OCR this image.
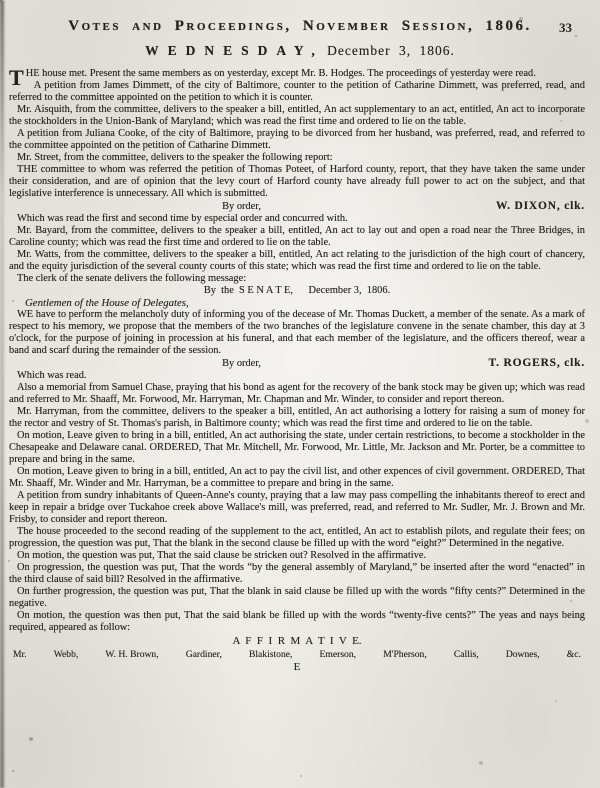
Votes and Proceedings, November Session, 1806.	33
WEDNESDAY, December 3, 1806.
THE house met. Present the same members as on yesterday, except Mr. B. Hodges. The proceedings of yesterday were read.
A petition from James Dimmett, of the city of Baltimore, counter to the petition of Catharine Dimmett, was preferred, read, and referred to the committee appointed on the petition to which it is counter.
Mr. Aisquith, from the committee, delivers to the speaker a bill, entitled, An act supplementary to an act, entitled, An act to incorporate the stockholders in the Union-Bank of Maryland; which was read the first time and ordered to lie on the table.
A petition from Juliana Cooke, of the city of Baltimore, praying to be divorced from her husband, was preferred, read, and referred to the committee appointed on the petition of Catharine Dimmett.
Mr. Street, from the committee, delivers to the speaker the following report:
THE committee to whom was referred the petition of Thomas Poteet, of Harford county, report, that they have taken the same under their consideration, and are of opinion that the levy court of Harford county have already full power to act on the subject, and that legislative interference is unnecessary. All which is submitted.
By order,	W. DIXON, clk.
Which was read the first and second time by especial order and concurred with.
Mr. Bayard, from the committee, delivers to the speaker a bill, entitled, An act to lay out and open a road near the Three Bridges, in Caroline county; which was read the first time and ordered to lie on the table.
Mr. Watts, from the committee, delivers to the speaker a bill, entitled, An act relating to the jurisdiction of the high court of chancery, and the equity jurisdiction of the several county courts of this state; which was read the first time and ordered to lie on the table.
The clerk of the senate delivers the following message:
By  the  S E N A T E,      December 3,  1806.
Gentlemen of the House of Delegates,
WE have to perform the melancholy duty of informing you of the decease of Mr. Thomas Duckett, a member of the senate. As a mark of respect to his memory, we propose that the members of the two branches of the legislature convene in the senate chamber, this day at 3 o'clock, for the purpose of joining in procession at his funeral, and that each member of the legislature, and the officers thereof, wear a band and scarf during the remainder of the session.
By order,	T. ROGERS, clk.
Which was read.
Also a memorial from Samuel Chase, praying that his bond as agent for the recovery of the bank stock may be given up; which was read and referred to Mr. Shaaff, Mr. Forwood, Mr. Harryman, Mr. Chapman and Mr. Winder, to consider and report thereon.
Mr. Harryman, from the committee, delivers to the speaker a bill, entitled, An act authorising a lottery for raising a sum of money for the rector and vestry of St. Thomas's parish, in Baltimore county; which was read the first time and ordered to lie on the table.
On motion, Leave given to bring in a bill, entitled, An act authorising the state, under certain restrictions, to become a stockholder in the Chesapeake and Delaware canal. ORDERED, That Mr. Mitchell, Mr. Forwood, Mr. Little, Mr. Jackson and Mr. Porter, be a committee to prepare and bring in the same.
On motion, Leave given to bring in a bill, entitled, An act to pay the civil list, and other expences of civil government. ORDERED, That Mr. Shaaff, Mr. Winder and Mr. Harryman, be a committee to prepare and bring in the same.
A petition from sundry inhabitants of Queen-Anne's county, praying that a law may pass compelling the inhabitants thereof to erect and keep in repair a bridge over Tuckahoe creek above Wallace's mill, was preferred, read, and referred to Mr. Sudler, Mr. J. Brown and Mr. Frisby, to consider and report thereon.
The house proceeded to the second reading of the supplement to the act, entitled, An act to establish pilots, and regulate their fees; on progression, the question was put, That the blank in the second clause be filled up with the word “eight?” Determined in the negative.
On motion, the question was put, That the said clause be stricken out? Resolved in the affirmative.
On progression, the question was put, That the words “by the general assembly of Maryland,” be inserted after the word “enacted” in the third clause of said bill? Resolved in the affirmative.
On further progression, the question was put, That the blank in said clause be filled up with the words “fifty cents?” Determined in the negative.
On motion, the question was then put, That the said blank be filled up with the words “twenty-five cents?” The yeas and nays being required, appeared as follow:
A  F  F  I  R  M  A  T  I  V  E.
Mr.	Webb,	W. H. Brown,	Gardiner,	Blakistone,	Emerson,	M'Pherson,	Callis,	Downes,	&c.
E
